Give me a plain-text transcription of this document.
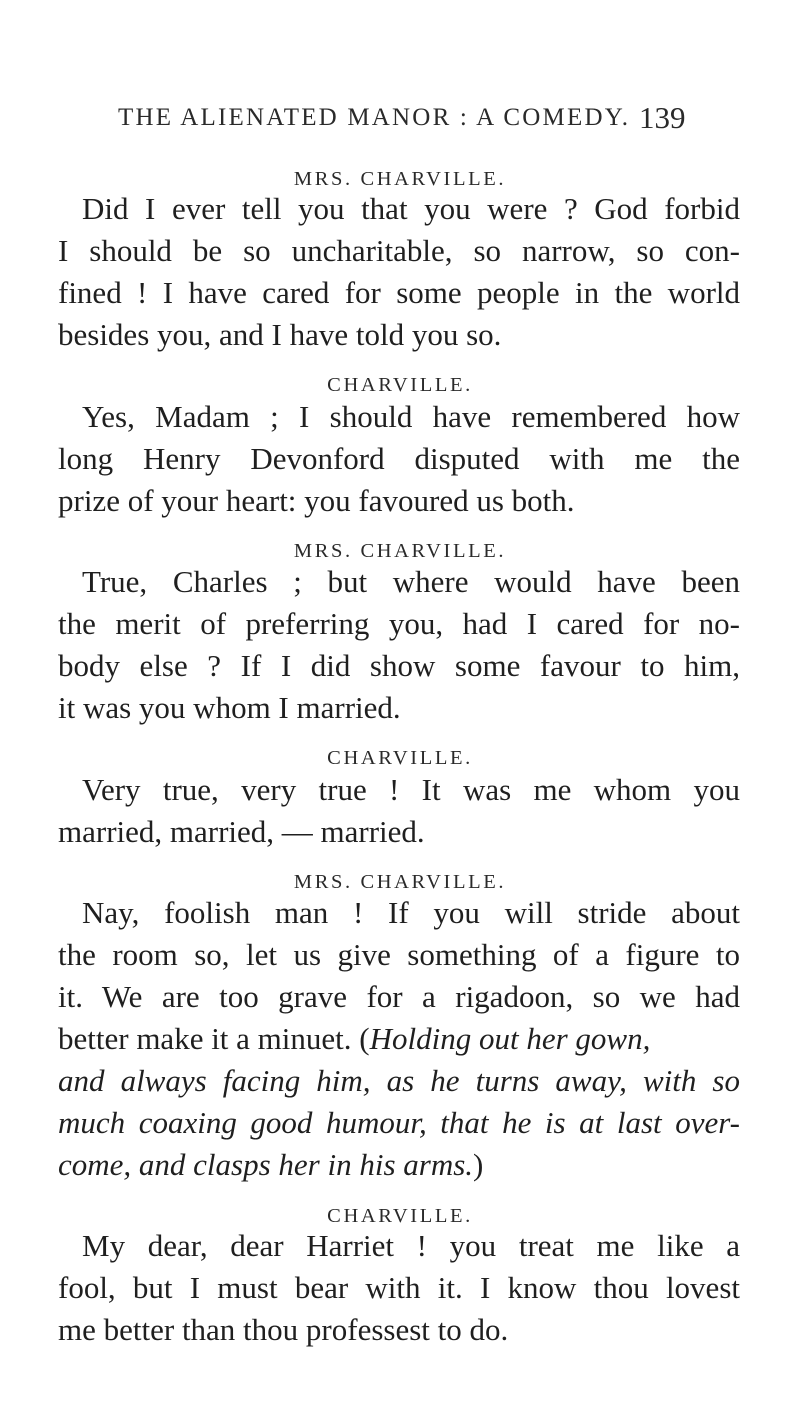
THE ALIENATED MANOR : A COMEDY. 139
MRS. CHARVILLE.
Did I ever tell you that you were ? God forbid
I should be so uncharitable, so narrow, so con-
fined ! I have cared for some people in the world
besides you, and I have told you so.
CHARVILLE.
Yes, Madam ; I should have remembered how
long Henry Devonford disputed with me the
prize of your heart: you favoured us both.
MRS. CHARVILLE.
True, Charles ; but where would have been
the merit of preferring you, had I cared for no-
body else ? If I did show some favour to him,
it was you whom I married.
CHARVILLE.
Very true, very true ! It was me whom you
married, married, — married.
MRS. CHARVILLE.
Nay, foolish man ! If you will stride about
the room so, let us give something of a figure to
it. We are too grave for a rigadoon, so we had
better make it a minuet. (Holding out her gown,
and always facing him, as he turns away, with so
much coaxing good humour, that he is at last over-
come, and clasps her in his arms.)
CHARVILLE.
My dear, dear Harriet ! you treat me like a
fool, but I must bear with it. I know thou lovest
me better than thou professest to do.
